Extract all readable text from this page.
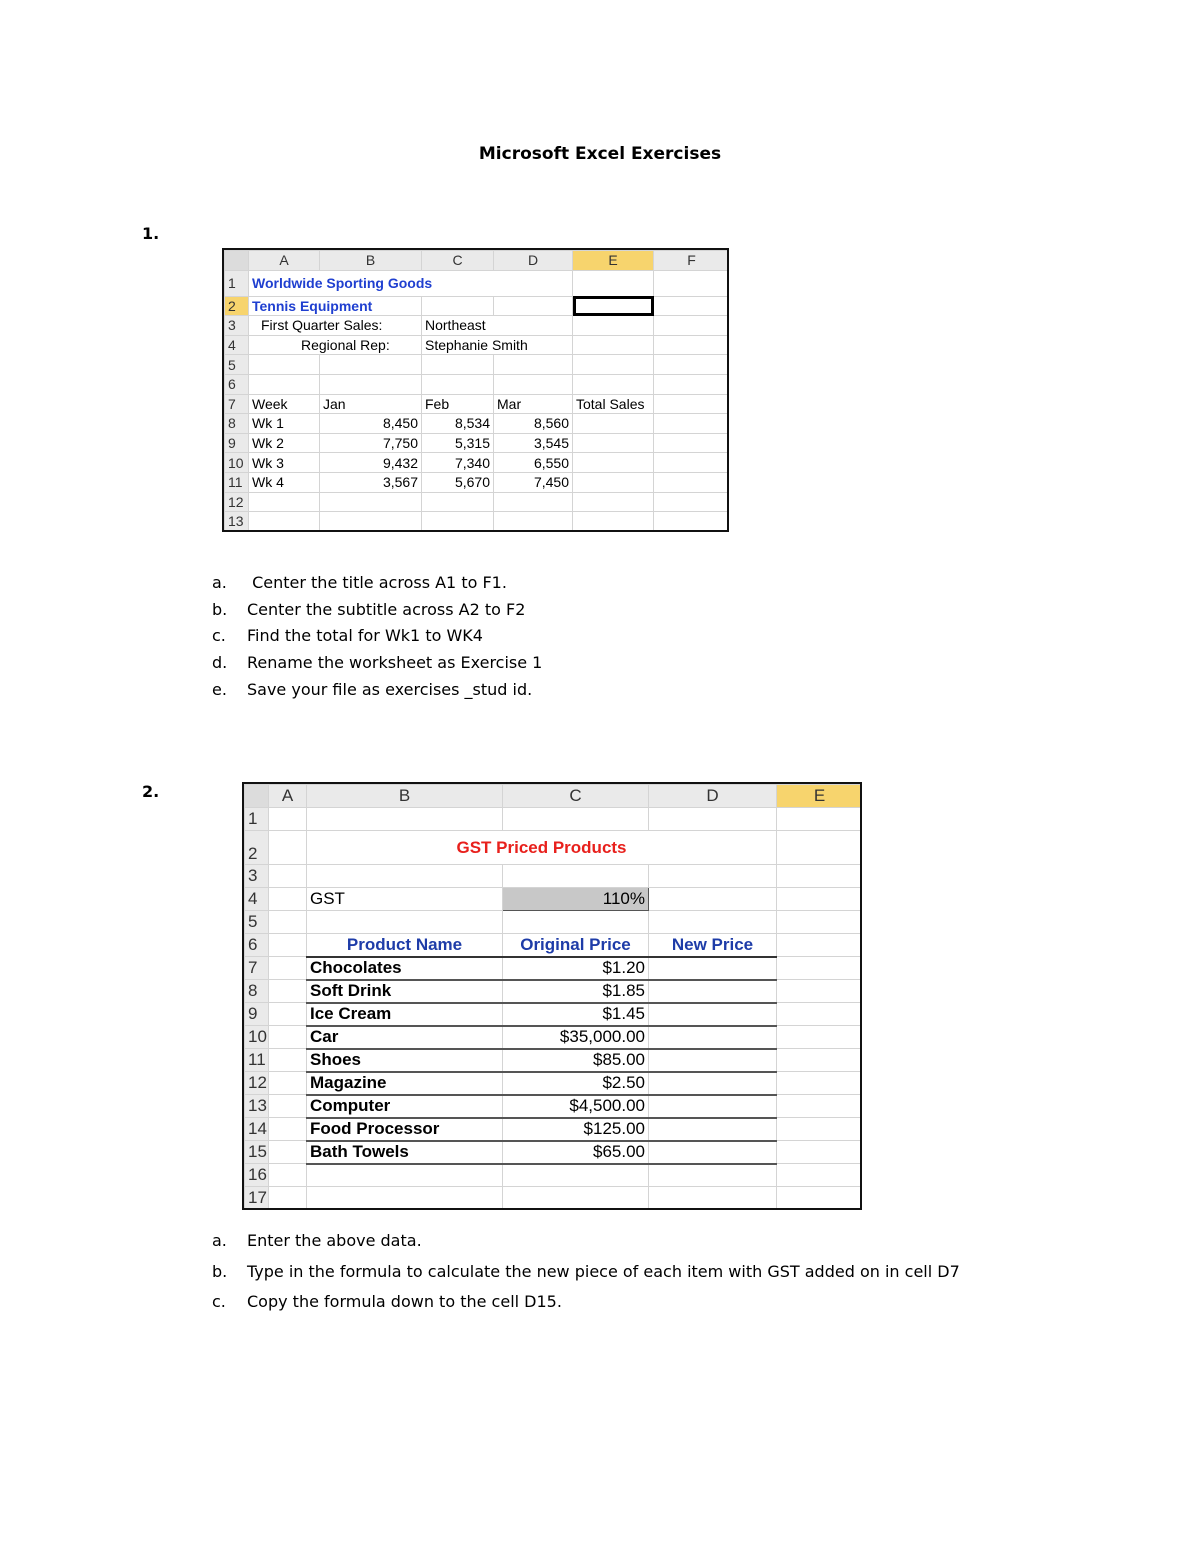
Microsoft Excel Exercises
1.
	A	B	C	D	E	F
1	Worldwide Sporting Goods					
2	Tennis Equipment					
3	First Quarter Sales:		Northeast			
4	Regional Rep:		Stephanie Smith			
5						
6						
7	Week	Jan	Feb	Mar	Total Sales	
8	Wk 1	8,450	8,534	8,560		
9	Wk 2	7,750	5,315	3,545		
10	Wk 3	9,432	7,340	6,550		
11	Wk 4	3,567	5,670	7,450		
12						
13						
a. Center the title across A1 to F1.
b. Center the subtitle across A2 to F2
c. Find the total for Wk1 to WK4
d. Rename the worksheet as Exercise 1
e. Save your file as exercises _stud id.
2.
		A	B	C	D	E
1					
2		GST Priced Products			
3					
4		GST	110%		
5					
6		Product Name	Original Price	New Price	
7		Chocolates	$1.20		
8		Soft Drink	$1.85		
9		Ice Cream	$1.45		
10		Car	$35,000.00		
11		Shoes	$85.00		
12		Magazine	$2.50		
13		Computer	$4,500.00		
14		Food Processor	$125.00		
15		Bath Towels	$65.00		
16					
17					
a. Enter the above data.
b. Type in the formula to calculate the new piece of each item with GST added on in cell D7
c. Copy the formula down to the cell D15.
